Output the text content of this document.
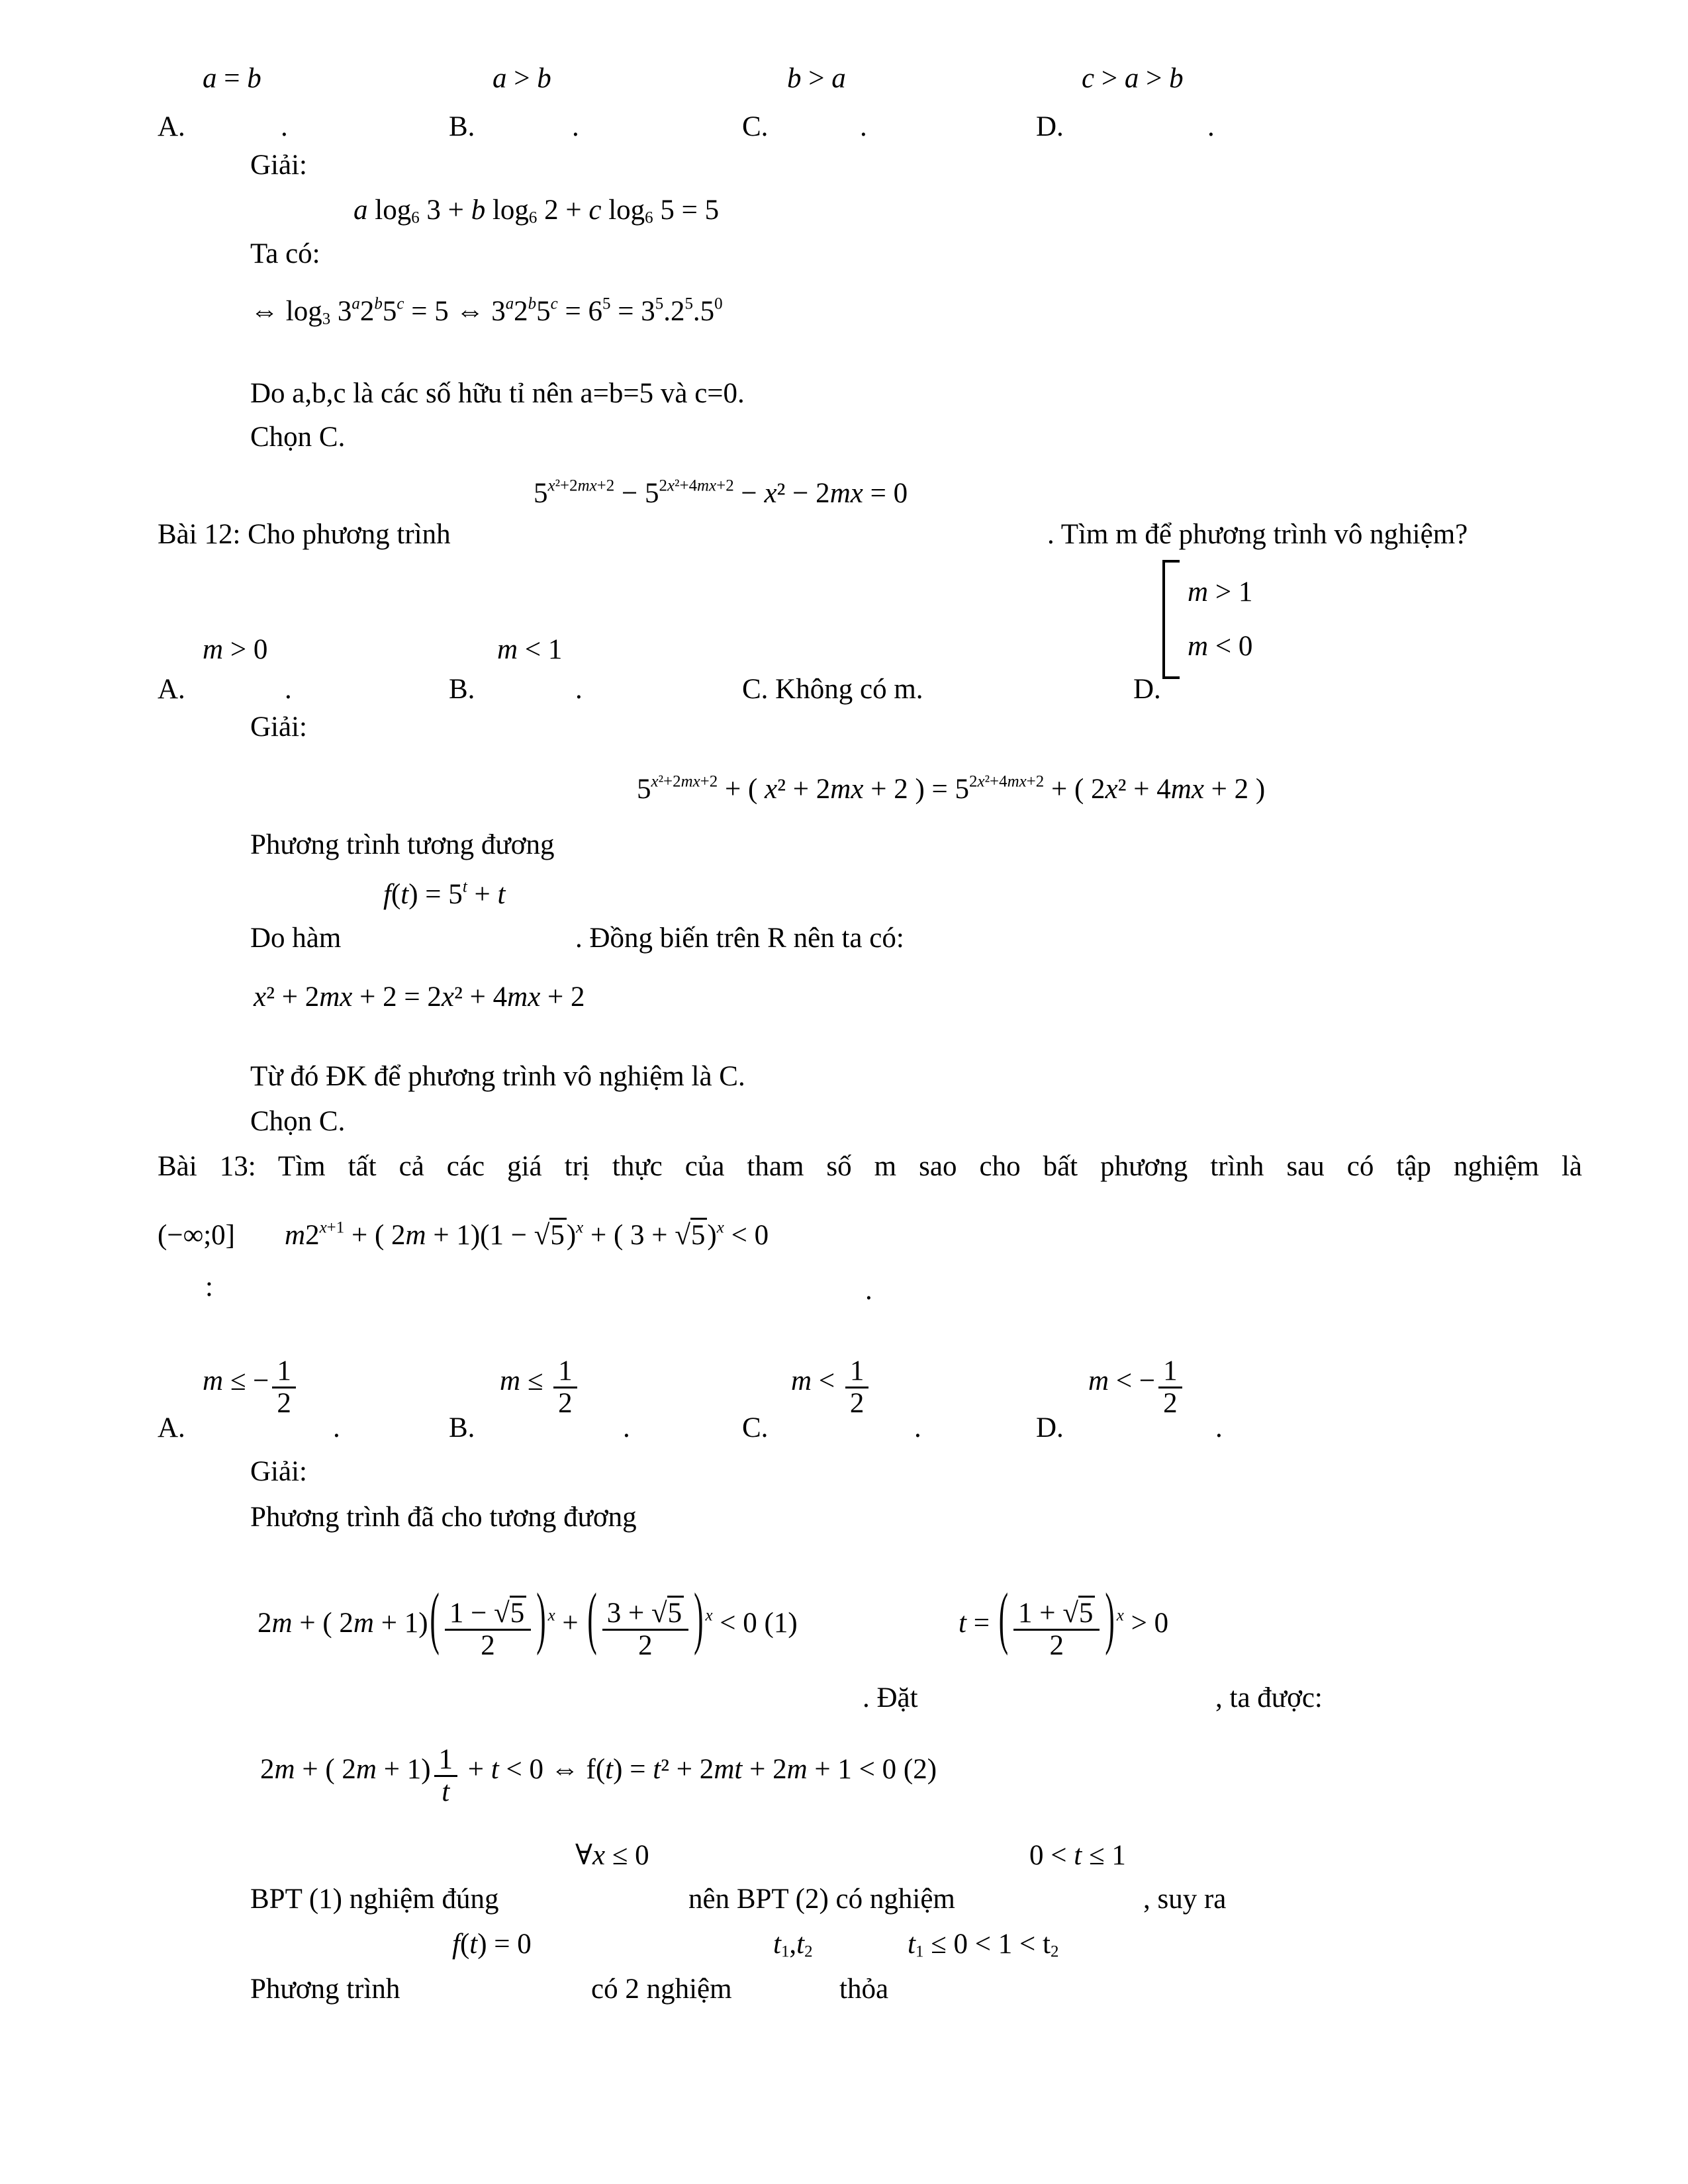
a = b	a > b	b > a	c > a > b
A.	.	B.	.	C.	.	D.	.
Giải:
a $\log_6 3 + b$ $\log_6 2 + c$ $\log_6 5 = 5$
Ta có:
⇔ $\log_3 3^a2^b5^c = 5$ ⇔ $3^a2^b5^c = 6^5 = 3^5.2^5.5^0$
Do a,b,c là các số hữu tỉ nên a=b=5 và c=0.
Chọn C.
$5^{x^2+2mx+2} - 5^{2x^2+4mx+2} - x^2 - 2mx = 0$
Bài 12: Cho phương trình	. Tìm m để phương trình vô nghiệm?
m > 1
m < 0
m > 0	m < 1
A.	.	B.	.	C. Không có m.	D.
Giải:
$5^{x^2+2mx+2}$ + ( x² + 2mx + 2 ) = $5^{2x^2+4mx+2}$ + ( 2x² + 4mx + 2 )
Phương trình tương đương
$f(t) = 5^t + t$
Do hàm	. Đồng biến trên R nên ta có:
x² + 2mx + 2 = 2x² + 4mx + 2
Từ đó ĐK để phương trình vô nghiệm là C.
Chọn C.
Bài 13: Tìm tất cả các giá trị thực của tham số m sao cho bất phương trình sau có tập nghiệm là
(−∞;0]
:
$m2^{x+1}$ + ( $2m + 1)(1 - √5)^x$ + ( 3 + √5)$^x$ < 0
.
m ≤ − $\frac{1}{2}$	$m \le \frac{1}{2}$	$m < \frac{1}{2}$	m < − $\frac{1}{2}$
A.	.	B.	.	C.	.	D.	.
Giải:
Phương trình đã cho tương đương
2m + ( $2m + 1)( \frac{1 - √5}{2}$ ) $^x$ + ( $\frac{3 + √5}{2}$ ) $^x$ < 0 (1)	t = ( $\frac{1 + √5}{2}$ ) $^x$ > 0
. Đặt	, ta được:
2m + ( $2m + 1) \frac{1}{t} + t < 0$ ⇔ f(t) = t² + 2mt + 2m + 1 < 0 (2)
∀x ≤ 0	0 < t ≤ 1
BPT (1) nghiệm đúng	nên BPT (2) có nghiệm	, suy ra
f(t) = 0	$t_1,t_2$	$t_1 \le 0 < 1 < t_2$
Phương trình	có 2 nghiệm	thỏa
